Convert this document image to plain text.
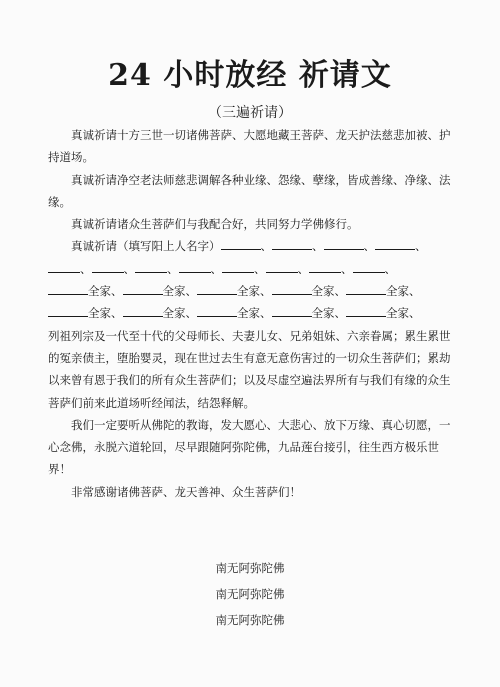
24 小时放经 祈请文
（三遍祈请）

真诚祈请十方三世一切诸佛菩萨、大愿地藏王菩萨、龙天护法慈悲加被、护持道场。

真诚祈请净空老法师慈悲调解各种业缘、怨缘、孽缘，皆成善缘、净缘、法缘。

真诚祈请诸众生菩萨们与我配合好，共同努力学佛修行。

真诚祈请（填写阳上人名字）	、	、	、	、

、	、	、	、	、	、	、	、

全家、	全家、	全家、	全家、	全家、

全家、	全家、	全家、	全家、	全家、

列祖列宗及一代至十代的父母师长、夫妻儿女、兄弟姐妹、六亲眷属；累生累世的冤亲债主，堕胎婴灵，现在世过去生有意无意伤害过的一切众生菩萨们；累劫以来曾有恩于我们的所有众生菩萨们；以及尽虚空遍法界所有与我们有缘的众生菩萨们前来此道场听经闻法，结怨释解。

我们一定要听从佛陀的教诲，发大愿心、大悲心、放下万缘、真心切愿，一心念佛，永脱六道轮回，尽早跟随阿弥陀佛，九品莲台接引，往生西方极乐世界！

非常感谢诸佛菩萨、龙天善神、众生菩萨们！

南无阿弥陀佛
南无阿弥陀佛
南无阿弥陀佛
